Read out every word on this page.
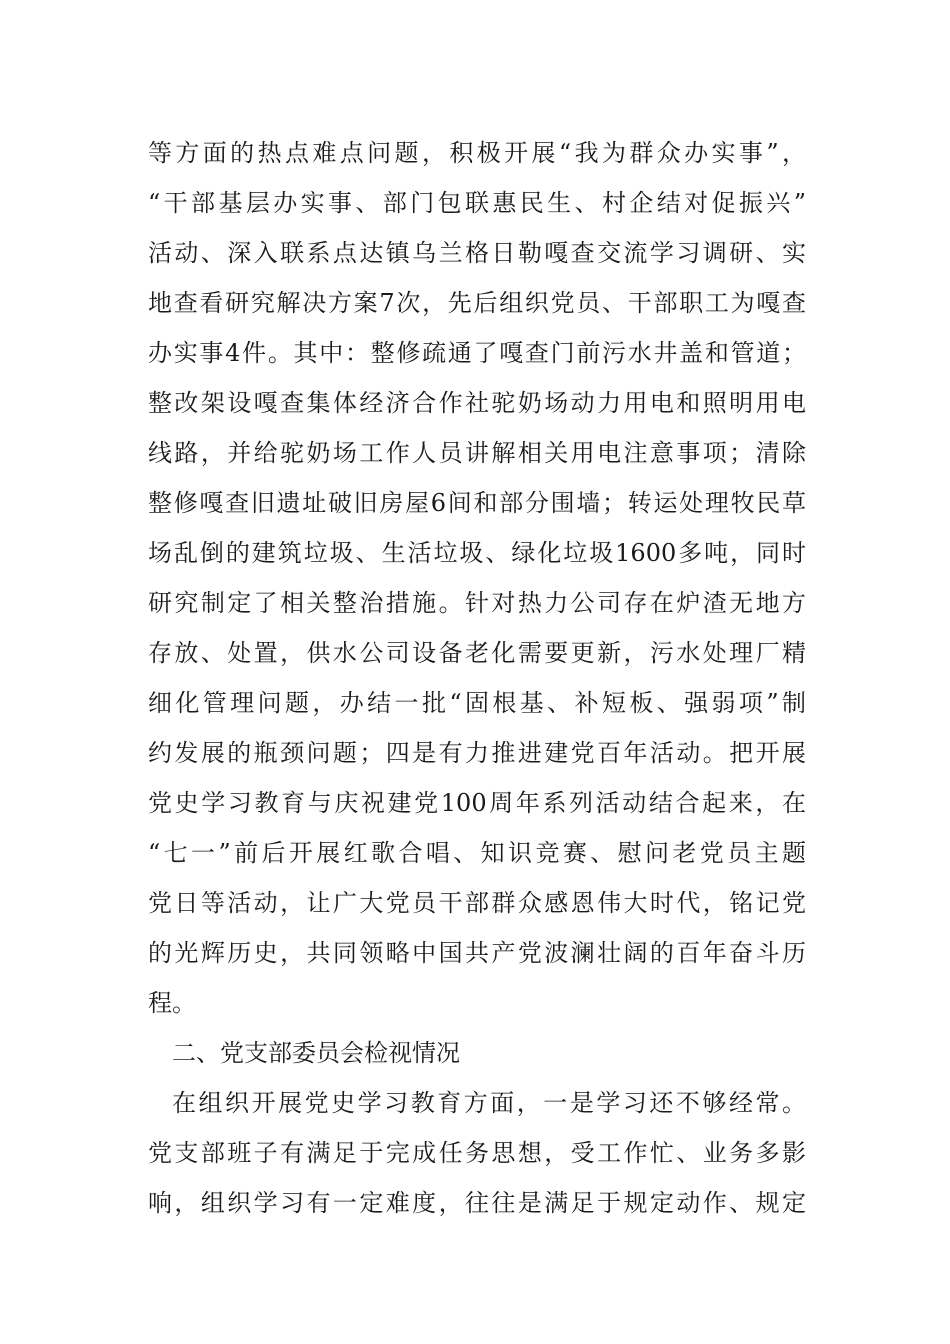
等方面的热点难点问题，积极开展“我为群众办实事”，
“干部基层办实事、部门包联惠民生、村企结对促振兴”
活动、深入联系点达镇乌兰格日勒嘎查交流学习调研、实
地查看研究解决方案7次，先后组织党员、干部职工为嘎查
办实事4件。其中：整修疏通了嘎查门前污水井盖和管道；
整改架设嘎查集体经济合作社驼奶场动力用电和照明用电
线路，并给驼奶场工作人员讲解相关用电注意事项；清除
整修嘎查旧遗址破旧房屋6间和部分围墙；转运处理牧民草
场乱倒的建筑垃圾、生活垃圾、绿化垃圾1600多吨，同时
研究制定了相关整治措施。针对热力公司存在炉渣无地方
存放、处置，供水公司设备老化需要更新，污水处理厂精
细化管理问题，办结一批“固根基、补短板、强弱项”制
约发展的瓶颈问题；四是有力推进建党百年活动。把开展
党史学习教育与庆祝建党100周年系列活动结合起来，在
“七一”前后开展红歌合唱、知识竞赛、慰问老党员主题
党日等活动，让广大党员干部群众感恩伟大时代，铭记党
的光辉历史，共同领略中国共产党波澜壮阔的百年奋斗历
程。
二、党支部委员会检视情况
在组织开展党史学习教育方面，一是学习还不够经常。
党支部班子有满足于完成任务思想，受工作忙、业务多影
响，组织学习有一定难度，往往是满足于规定动作、规定
